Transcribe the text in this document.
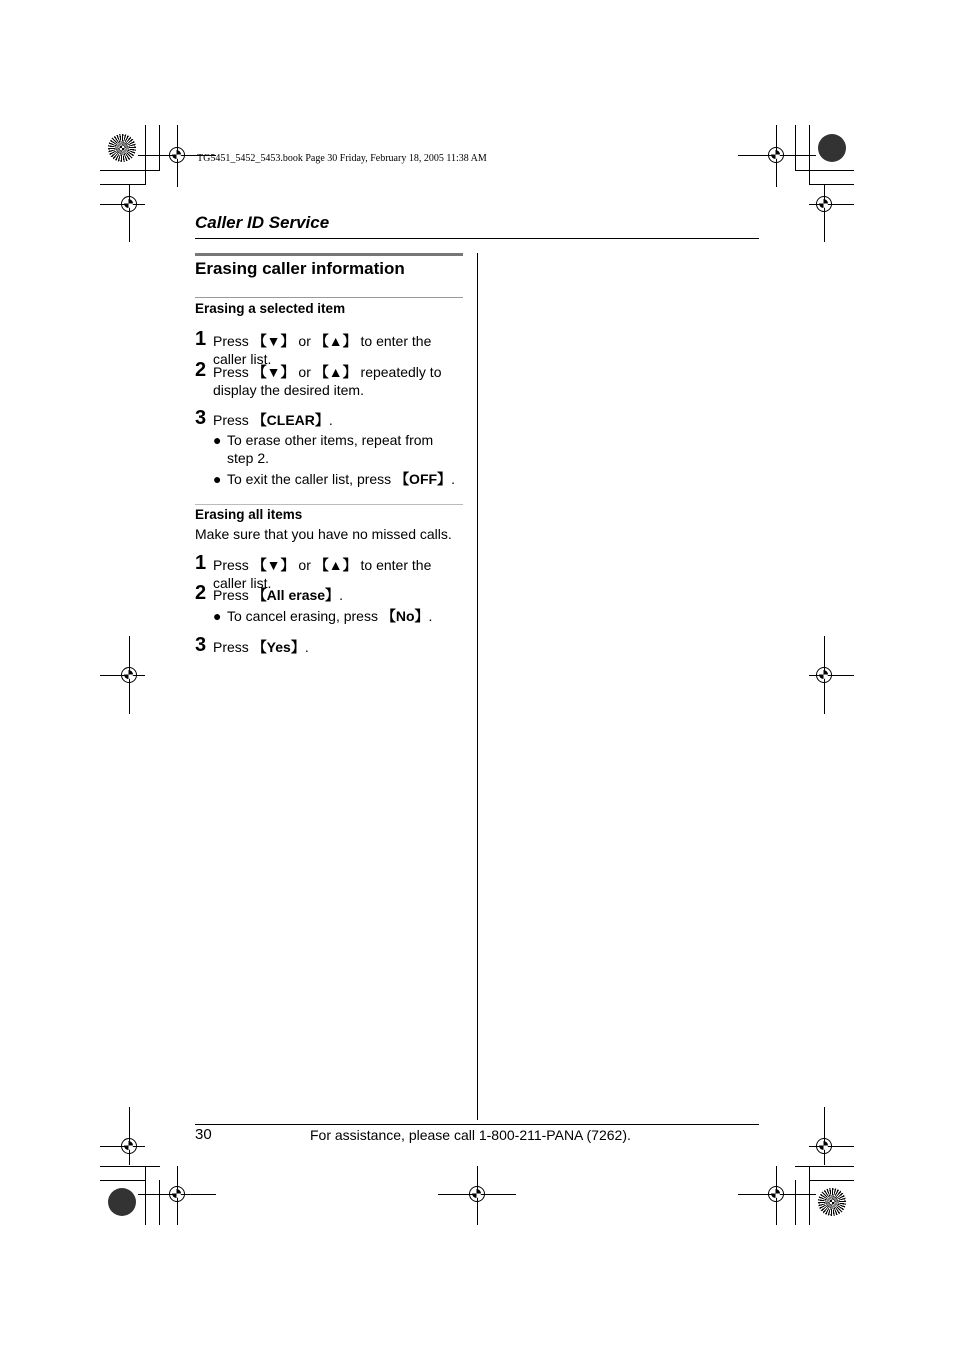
TG5451_5452_5453.book Page 30 Friday, February 18, 2005 11:38 AM
Caller ID Service
Erasing caller information
Erasing a selected item
1 Press 【▼】 or 【▲】 to enter the caller list.
2 Press 【▼】 or 【▲】 repeatedly to display the desired item.
3 Press 【CLEAR】.
● To erase other items, repeat from step 2.
● To exit the caller list, press 【OFF】.
Erasing all items
Make sure that you have no missed calls.
1 Press 【▼】 or 【▲】 to enter the caller list.
2 Press 【All erase】.
● To cancel erasing, press 【No】.
3 Press 【Yes】.
30	For assistance, please call 1-800-211-PANA (7262).
